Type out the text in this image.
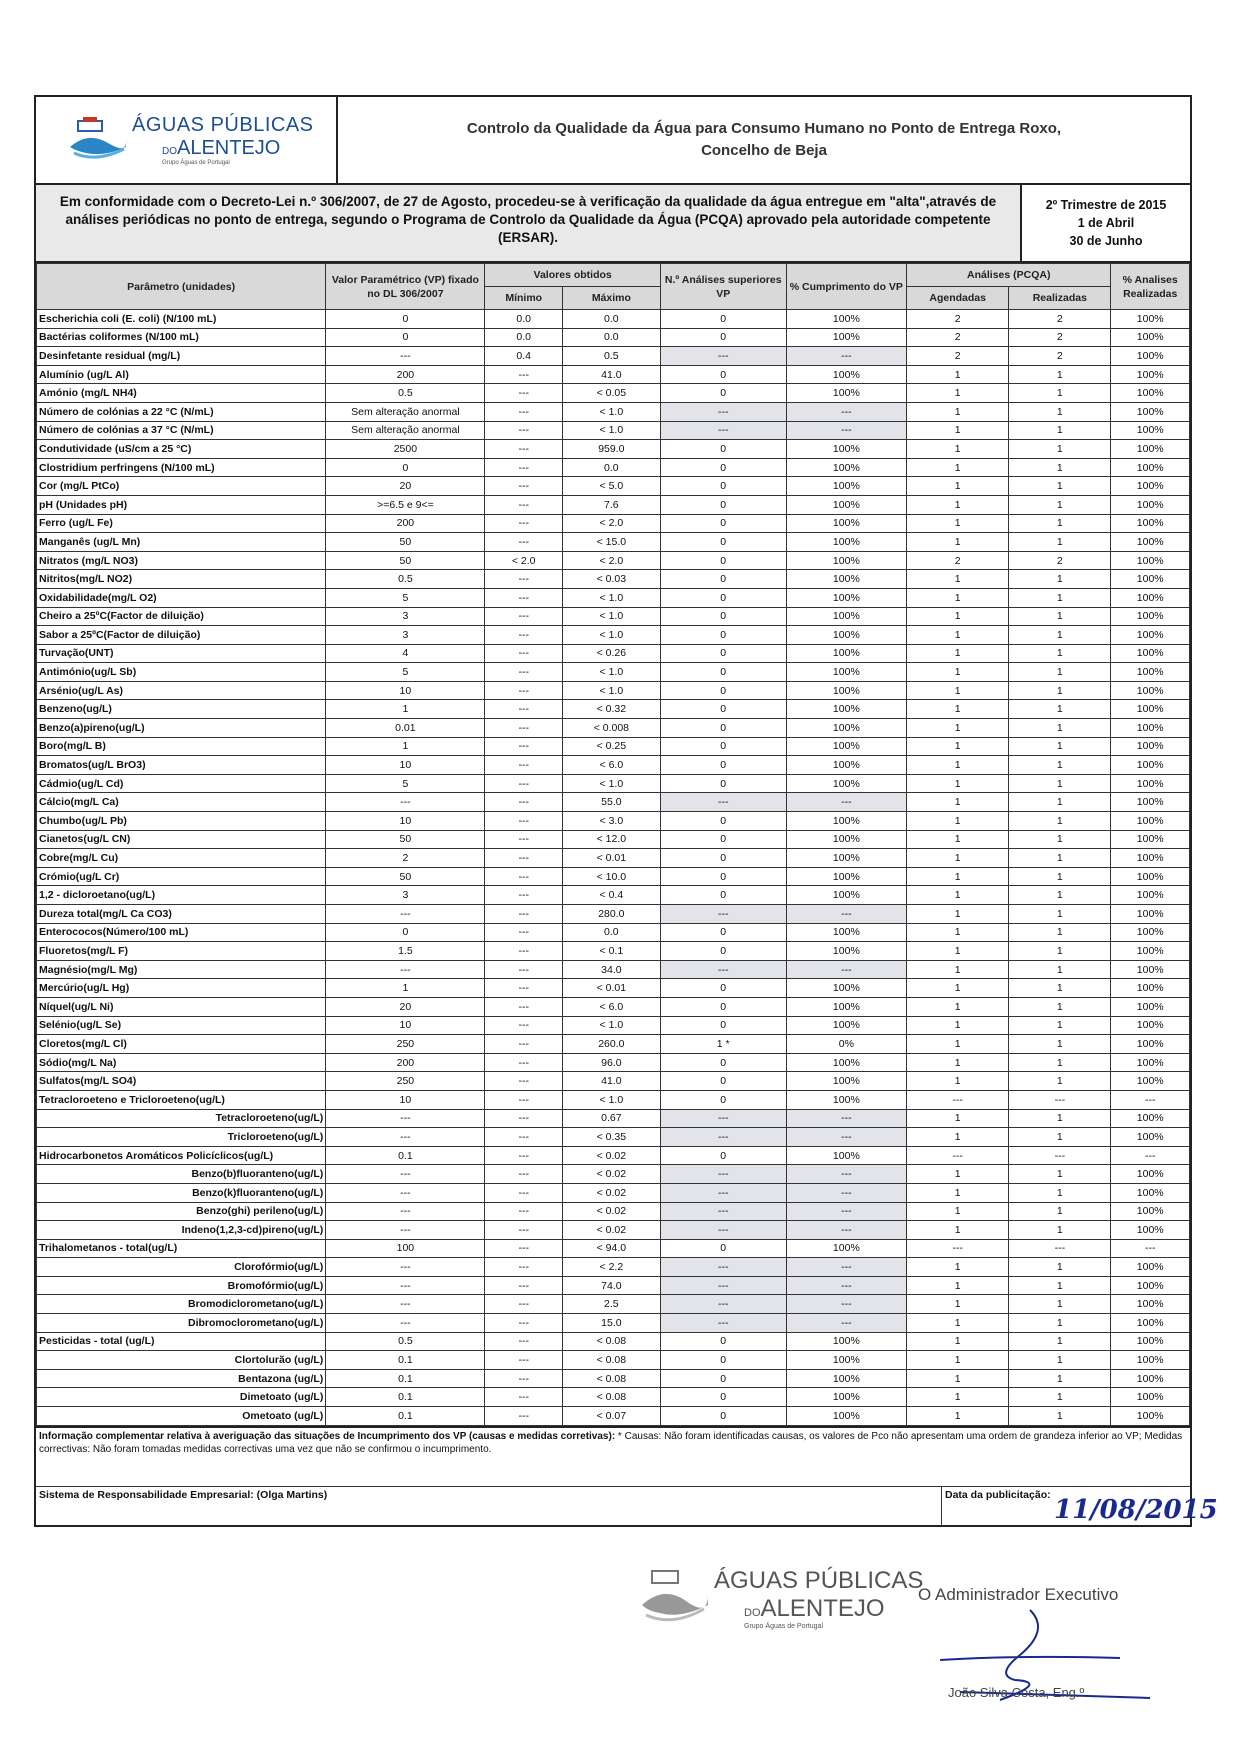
ÁGUAS PÚBLICAS
DOALENTEJO
Grupo Águas de Portugal
Controlo da Qualidade da Água para Consumo Humano no Ponto de Entrega Roxo,
Concelho de Beja
Em conformidade com o Decreto-Lei n.º 306/2007, de 27 de Agosto, procedeu-se à verificação da qualidade da água entregue em "alta",através de análises periódicas no ponto de entrega, segundo o Programa de Controlo da Qualidade da Água (PCQA) aprovado pela autoridade competente (ERSAR).
2º Trimestre de 2015
1 de Abril
30 de Junho
Parâmetro (unidades)	Valor Paramétrico (VP) fixado no DL 306/2007	Valores obtidos		N.º Análises superiores VP	% Cumprimento do VP	Análises (PCQA)		% Analises Realizadas
		Mínimo	Máximo			Agendadas	Realizadas	
Escherichia coli (E. coli) (N/100 mL)	0	0.0	0.0	0	100%	2	2	100%
Bactérias coliformes (N/100 mL)	0	0.0	0.0	0	100%	2	2	100%
Desinfetante residual (mg/L)	---	0.4	0.5	---	---	2	2	100%
Alumínio (ug/L Al)	200	---	41.0	0	100%	1	1	100%
Amónio (mg/L NH4)	0.5	---	< 0.05	0	100%	1	1	100%
Número de colónias a 22 °C (N/mL)	Sem alteração anormal	---	< 1.0	---	---	1	1	100%
Número de colónias a 37 °C (N/mL)	Sem alteração anormal	---	< 1.0	---	---	1	1	100%
Condutividade (uS/cm a 25 °C)	2500	---	959.0	0	100%	1	1	100%
Clostridium perfringens (N/100 mL)	0	---	0.0	0	100%	1	1	100%
Cor (mg/L PtCo)	20	---	< 5.0	0	100%	1	1	100%
pH (Unidades pH)	>=6.5 e 9<=	---	7.6	0	100%	1	1	100%
Ferro (ug/L Fe)	200	---	< 2.0	0	100%	1	1	100%
Manganês (ug/L Mn)	50	---	< 15.0	0	100%	1	1	100%
Nitratos (mg/L NO3)	50	< 2.0	< 2.0	0	100%	2	2	100%
Nitritos(mg/L NO2)	0.5	---	< 0.03	0	100%	1	1	100%
Oxidabilidade(mg/L O2)	5	---	< 1.0	0	100%	1	1	100%
Cheiro a 25ºC(Factor de diluição)	3	---	< 1.0	0	100%	1	1	100%
Sabor a 25ºC(Factor de diluição)	3	---	< 1.0	0	100%	1	1	100%
Turvação(UNT)	4	---	< 0.26	0	100%	1	1	100%
Antimónio(ug/L Sb)	5	---	< 1.0	0	100%	1	1	100%
Arsénio(ug/L As)	10	---	< 1.0	0	100%	1	1	100%
Benzeno(ug/L)	1	---	< 0.32	0	100%	1	1	100%
Benzo(a)pireno(ug/L)	0.01	---	< 0.008	0	100%	1	1	100%
Boro(mg/L B)	1	---	< 0.25	0	100%	1	1	100%
Bromatos(ug/L BrO3)	10	---	< 6.0	0	100%	1	1	100%
Cádmio(ug/L Cd)	5	---	< 1.0	0	100%	1	1	100%
Cálcio(mg/L Ca)	---	---	55.0	---	---	1	1	100%
Chumbo(ug/L Pb)	10	---	< 3.0	0	100%	1	1	100%
Cianetos(ug/L CN)	50	---	< 12.0	0	100%	1	1	100%
Cobre(mg/L Cu)	2	---	< 0.01	0	100%	1	1	100%
Crómio(ug/L Cr)	50	---	< 10.0	0	100%	1	1	100%
1,2 - dicloroetano(ug/L)	3	---	< 0.4	0	100%	1	1	100%
Dureza total(mg/L Ca CO3)	---	---	280.0	---	---	1	1	100%
Enterococos(Número/100 mL)	0	---	0.0	0	100%	1	1	100%
Fluoretos(mg/L F)	1.5	---	< 0.1	0	100%	1	1	100%
Magnésio(mg/L Mg)	---	---	34.0	---	---	1	1	100%
Mercúrio(ug/L Hg)	1	---	< 0.01	0	100%	1	1	100%
Níquel(ug/L Ni)	20	---	< 6.0	0	100%	1	1	100%
Selénio(ug/L Se)	10	---	< 1.0	0	100%	1	1	100%
Cloretos(mg/L Cl)	250	---	260.0	1 *	0%	1	1	100%
Sódio(mg/L Na)	200	---	96.0	0	100%	1	1	100%
Sulfatos(mg/L SO4)	250	---	41.0	0	100%	1	1	100%
Tetracloroeteno e Tricloroeteno(ug/L)	10	---	< 1.0	0	100%	---	---	---
Tetracloroeteno(ug/L)	---	---	0.67	---	---	1	1	100%
Tricloroeteno(ug/L)	---	---	< 0.35	---	---	1	1	100%
Hidrocarbonetos Aromáticos Policíclicos(ug/L)	0.1	---	< 0.02	0	100%	---	---	---
Benzo(b)fluoranteno(ug/L)	---	---	< 0.02	---	---	1	1	100%
Benzo(k)fluoranteno(ug/L)	---	---	< 0.02	---	---	1	1	100%
Benzo(ghi) perileno(ug/L)	---	---	< 0.02	---	---	1	1	100%
Indeno(1,2,3-cd)pireno(ug/L)	---	---	< 0.02	---	---	1	1	100%
Trihalometanos - total(ug/L)	100	---	< 94.0	0	100%	---	---	---
Clorofórmio(ug/L)	---	---	< 2.2	---	---	1	1	100%
Bromofórmio(ug/L)	---	---	74.0	---	---	1	1	100%
Bromodiclorometano(ug/L)	---	---	2.5	---	---	1	1	100%
Dibromoclorometano(ug/L)	---	---	15.0	---	---	1	1	100%
Pesticidas - total (ug/L)	0.5	---	< 0.08	0	100%	1	1	100%
Clortolurão (ug/L)	0.1	---	< 0.08	0	100%	1	1	100%
Bentazona (ug/L)	0.1	---	< 0.08	0	100%	1	1	100%
Dimetoato (ug/L)	0.1	---	< 0.08	0	100%	1	1	100%
Ometoato (ug/L)	0.1	---	< 0.07	0	100%	1	1	100%
Informação complementar relativa à averiguação das situações de Incumprimento dos VP (causas e medidas corretivas): * Causas: Não foram identificadas causas, os valores de Pco não apresentam uma ordem de grandeza inferior ao VP; Medidas correctivas: Não foram tomadas medidas correctivas uma vez que não se confirmou o incumprimento.
Sistema de Responsabilidade Empresarial: (Olga Martins)	Data da publicitação: 11/08/2015
ÁGUAS PÚBLICAS
DOALENTEJO
Grupo Águas de Portugal
O Administrador Executivo
João Silva Costa, Eng.º
